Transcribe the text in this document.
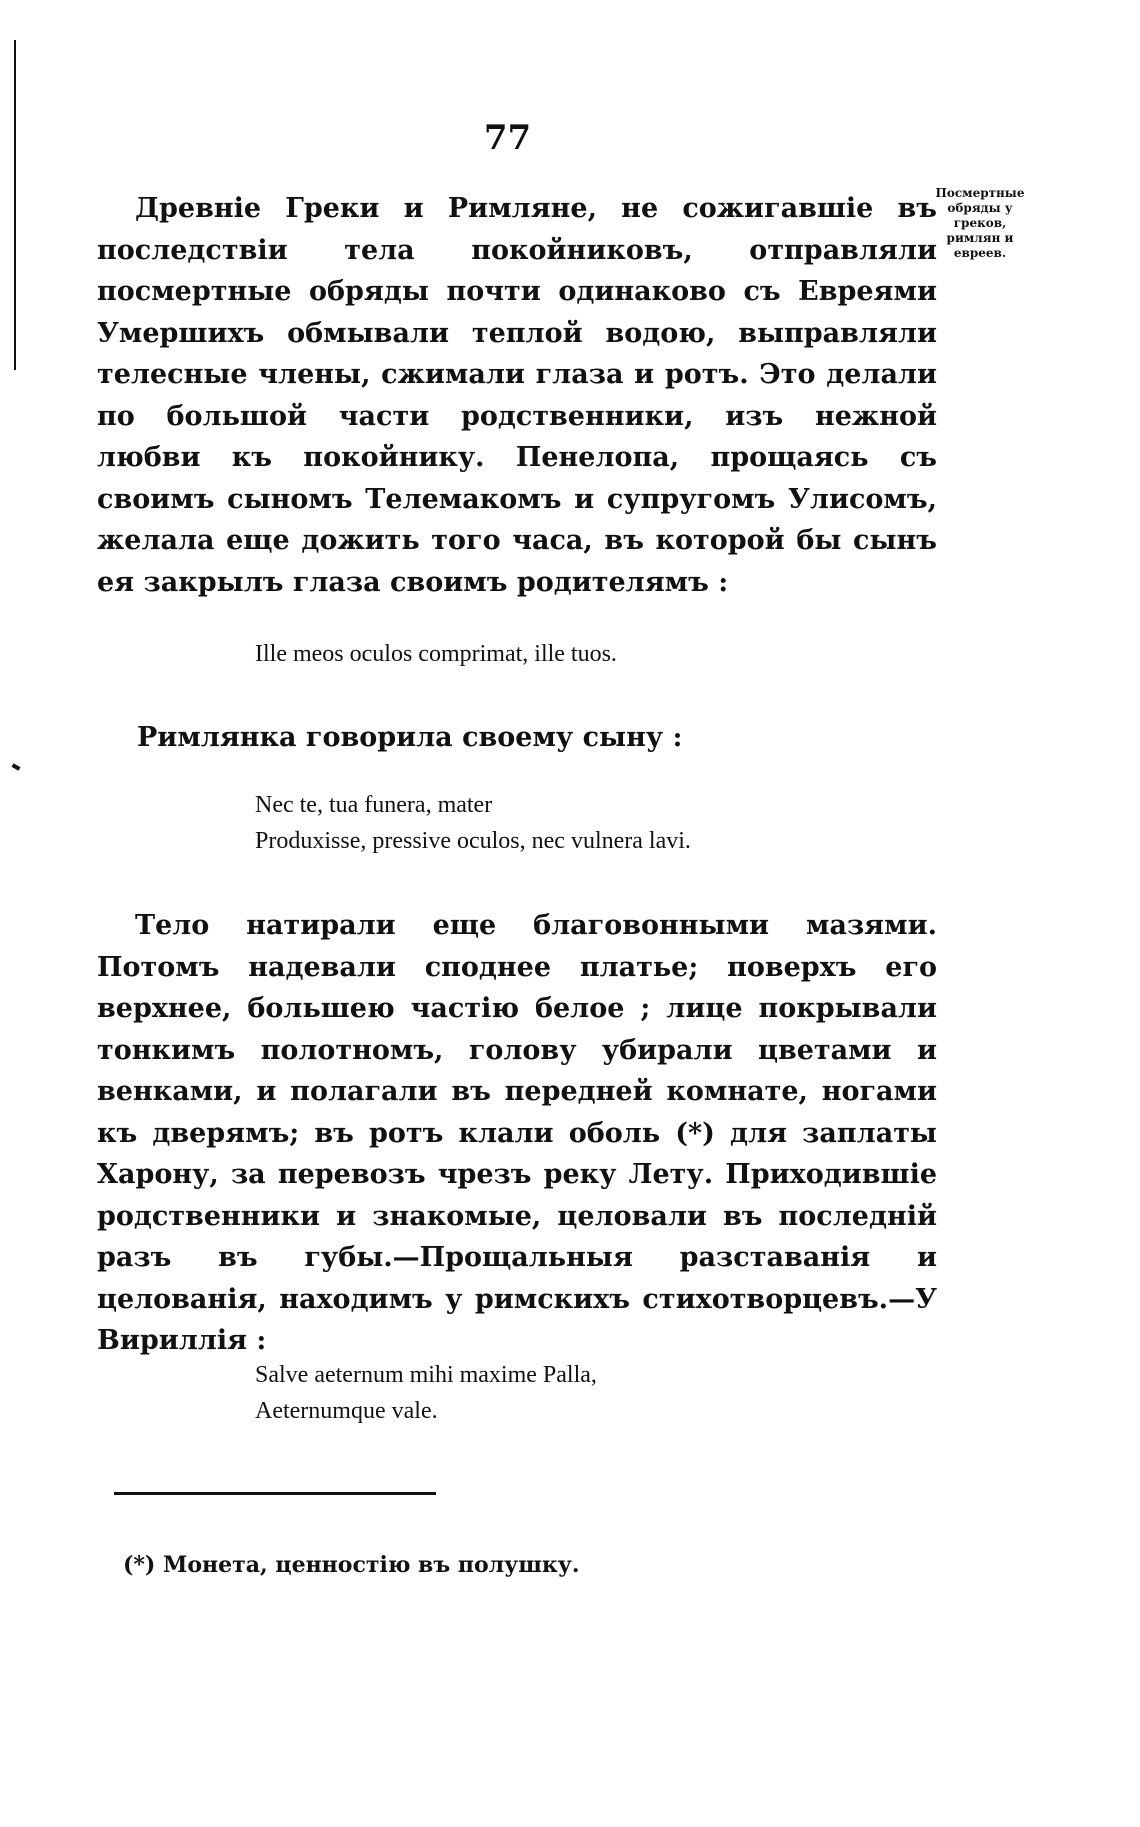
77
Посмертные обряды у греков, римлян и евреев.

Древніе Греки и Римляне, не сожигавшіе въ последствіи тела покойниковъ, отправляли посмертные обряды почти одинаково съ Евреями Умершихъ обмывали теплой водою, выправляли телесные члены, сжимали глаза и ротъ. Это делали по большой части родственники, изъ нежной любви къ покойнику. Пенелопа, прощаясь съ своимъ сыномъ Телемакомъ и супругомъ Улисомъ, желала еще дожить того часа, въ которой бы сынъ ея закрылъ глаза своимъ родителямъ :

Ille meos oculos comprimat, ille tuos.

Римлянка говорила своему сыну :

Nec te, tua funera, mater
Produxisse, pressive oculos, nec vulnera lavi.

Тело натирали еще благовонными мазями. Потомъ надевали споднее платье; поверхъ его верхнее, большею частію белое ; лице покрывали тонкимъ полотномъ, голову убирали цветами и венками, и полагали въ передней комнате, ногами къ дверямъ; въ ротъ клали оболь (*) для заплаты Харону, за перевозъ чрезъ реку Лету. Приходившіе родственники и знакомые, целовали въ последній разъ въ губы.—Прощальныя разставанія и целованія, находимъ у римскихъ стихотворцевъ.—У Вириллія :

Salve aeternum mihi maxime Palla,
Aeternumque vale.
(*) Монета, ценностію въ полушку.
